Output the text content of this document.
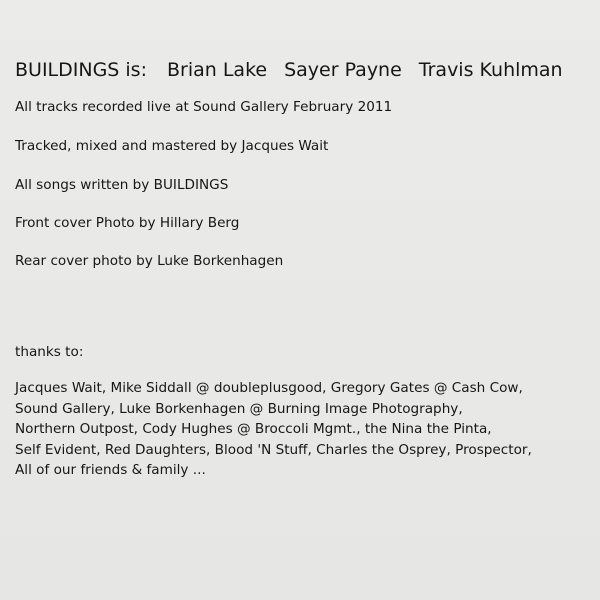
BUILDINGS is: Brian Lake Sayer Payne Travis Kuhlman
All tracks recorded live at Sound Gallery February 2011
Tracked, mixed and mastered by Jacques Wait
All songs written by BUILDINGS
Front cover Photo by Hillary Berg
Rear cover photo by Luke Borkenhagen
thanks to:
Jacques Wait, Mike Siddall @ doubleplusgood, Gregory Gates @ Cash Cow,
Sound Gallery, Luke Borkenhagen @ Burning Image Photography,
Northern Outpost, Cody Hughes @ Broccoli Mgmt., the Nina the Pinta,
Self Evident, Red Daughters, Blood 'N Stuff, Charles the Osprey, Prospector,
All of our friends & family ...
